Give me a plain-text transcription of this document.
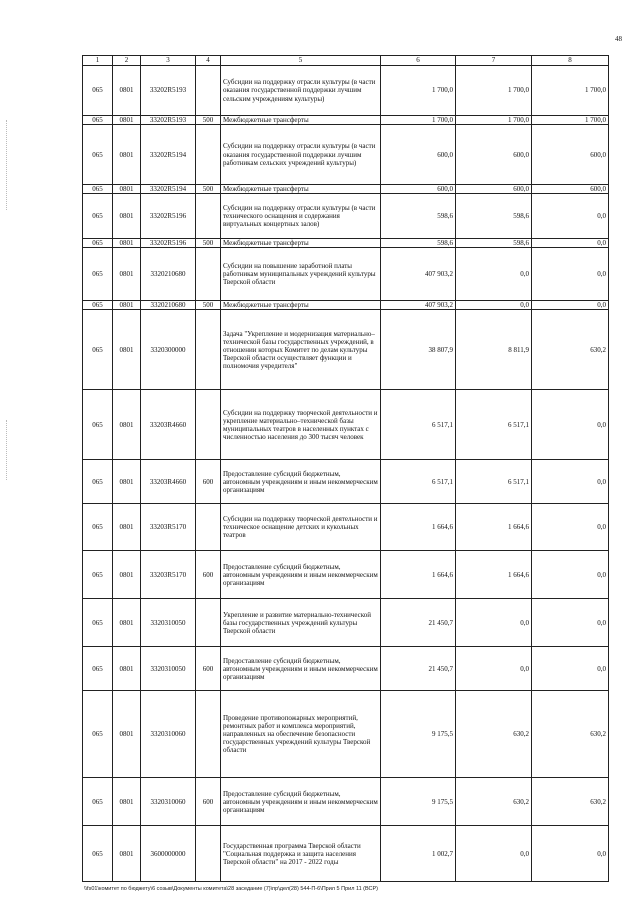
48
1	2	3	4	5	6	7	8
065	0801	33202R5193		Субсидии на поддержку отрасли культуры (в части оказания государственной поддержки лучшим сельским учреждениям культуры)	1 700,0	1 700,0	1 700,0
065	0801	33202R5193	500	Межбюджетные трансферты	1 700,0	1 700,0	1 700,0
065	0801	33202R5194		Субсидии на поддержку отрасли культуры (в части оказания государственной поддержки лучшим работникам сельских учреждений культуры)	600,0	600,0	600,0
065	0801	33202R5194	500	Межбюджетные трансферты	600,0	600,0	600,0
065	0801	33202R5196		Субсидии на поддержку отрасли культуры (в части технического оснащения и содержания виртуальных концертных залов)	598,6	598,6	0,0
065	0801	33202R5196	500	Межбюджетные трансферты	598,6	598,6	0,0
065	0801	3320210680		Субсидии на повышение заработной платы работникам муниципальных учреждений культуры Тверской области	407 903,2	0,0	0,0
065	0801	3320210680	500	Межбюджетные трансферты	407 903,2	0,0	0,0
065	0801	3320300000		Задача "Укрепление и модернизация материально–технической базы государственных учреждений, в отношении которых Комитет по делам культуры Тверской области осуществляет функции и полномочия учредителя"	38 807,9	8 811,9	630,2
065	0801	33203R4660		Субсидии на поддержку творческой деятельности и укрепление материально–технической базы муниципальных театров в населенных пунктах с численностью населения до 300 тысяч человек	6 517,1	6 517,1	0,0
065	0801	33203R4660	600	Предоставление субсидий бюджетным, автономным учреждениям и иным некоммерческим организациям	6 517,1	6 517,1	0,0
065	0801	33203R5170		Субсидии на поддержку творческой деятельности и техническое оснащение детских и кукольных театров	1 664,6	1 664,6	0,0
065	0801	33203R5170	600	Предоставление субсидий бюджетным, автономным учреждениям и иным некоммерческим организациям	1 664,6	1 664,6	0,0
065	0801	3320310050		Укрепление и развитие материально-технической базы государственных учреждений культуры Тверской области	21 450,7	0,0	0,0
065	0801	3320310050	600	Предоставление субсидий бюджетным, автономным учреждениям и иным некоммерческим организациям	21 450,7	0,0	0,0
065	0801	3320310060		Проведение противопожарных мероприятий, ремонтных работ и комплекса мероприятий, направленных на обеспечение безопасности государственных учреждений культуры Тверской области	9 175,5	630,2	630,2
065	0801	3320310060	600	Предоставление субсидий бюджетным, автономным учреждениям и иным некоммерческим организациям	9 175,5	630,2	630,2
065	0801	3600000000		Государственная программа Тверской области "Социальная поддержка и защита населения Тверской области" на 2017 - 2022 годы	1 002,7	0,0	0,0
\\fs01\комитет по бюджету\6 созыв\Документы комитета\28 заседание (7)\пр\дел(28) 544-П-6\Прил 5 Прил 11 (ВСР)
